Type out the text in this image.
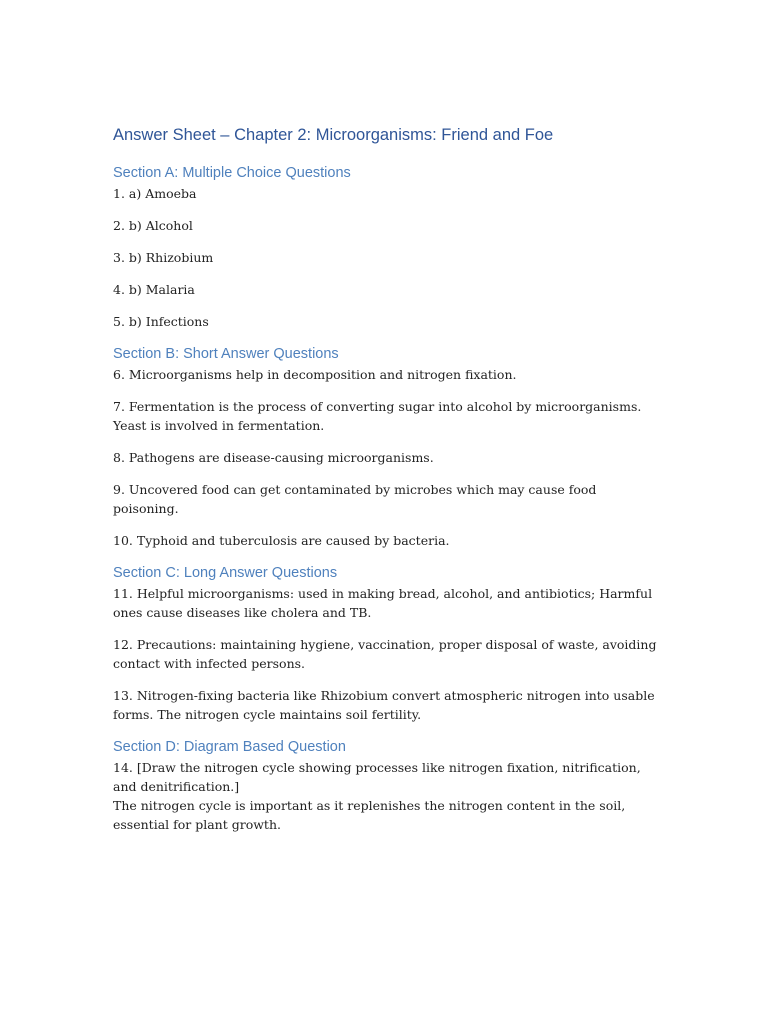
Answer Sheet – Chapter 2: Microorganisms: Friend and Foe
Section A: Multiple Choice Questions

1. a) Amoeba

2. b) Alcohol

3. b) Rhizobium

4. b) Malaria

5. b) Infections

Section B: Short Answer Questions

6. Microorganisms help in decomposition and nitrogen fixation.

7. Fermentation is the process of converting sugar into alcohol by microorganisms. Yeast is involved in fermentation.

8. Pathogens are disease-causing microorganisms.

9. Uncovered food can get contaminated by microbes which may cause food poisoning.

10. Typhoid and tuberculosis are caused by bacteria.

Section C: Long Answer Questions

11. Helpful microorganisms: used in making bread, alcohol, and antibiotics; Harmful ones cause diseases like cholera and TB.

12. Precautions: maintaining hygiene, vaccination, proper disposal of waste, avoiding contact with infected persons.

13. Nitrogen-fixing bacteria like Rhizobium convert atmospheric nitrogen into usable forms. The nitrogen cycle maintains soil fertility.

Section D: Diagram Based Question

14. [Draw the nitrogen cycle showing processes like nitrogen fixation, nitrification, and denitrification.]

The nitrogen cycle is important as it replenishes the nitrogen content in the soil, essential for plant growth.
